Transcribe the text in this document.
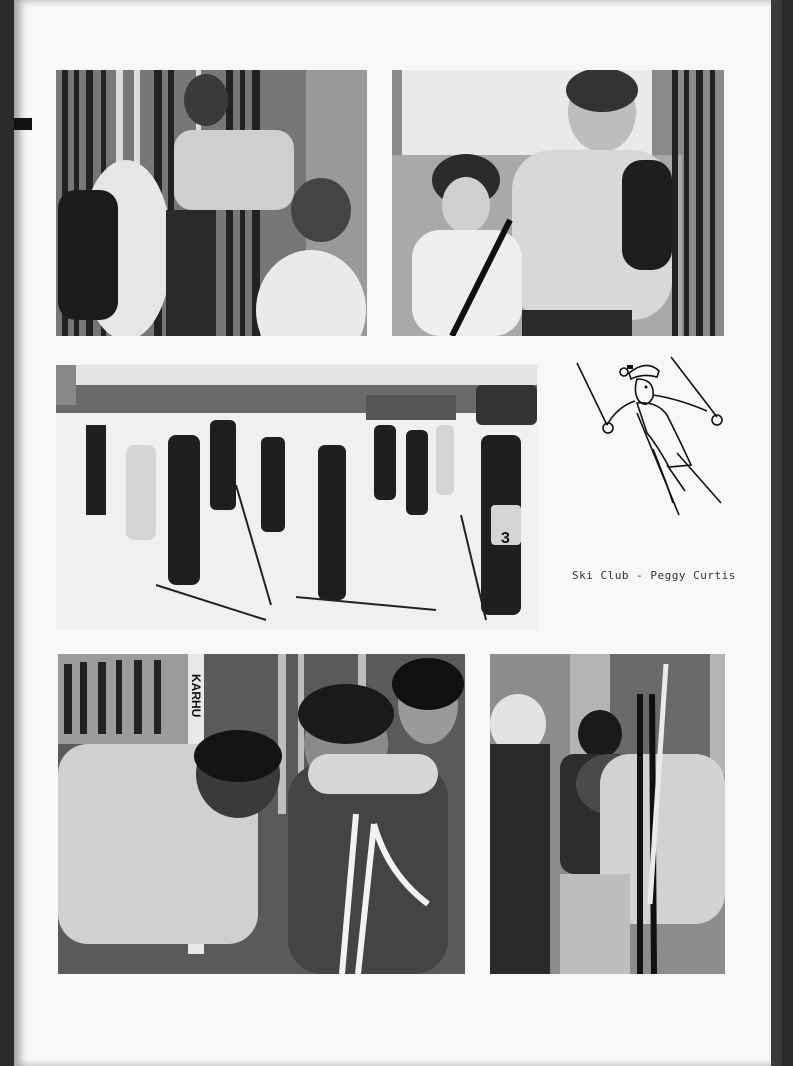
3
Ski Club - Peggy Curtis
KARHU
